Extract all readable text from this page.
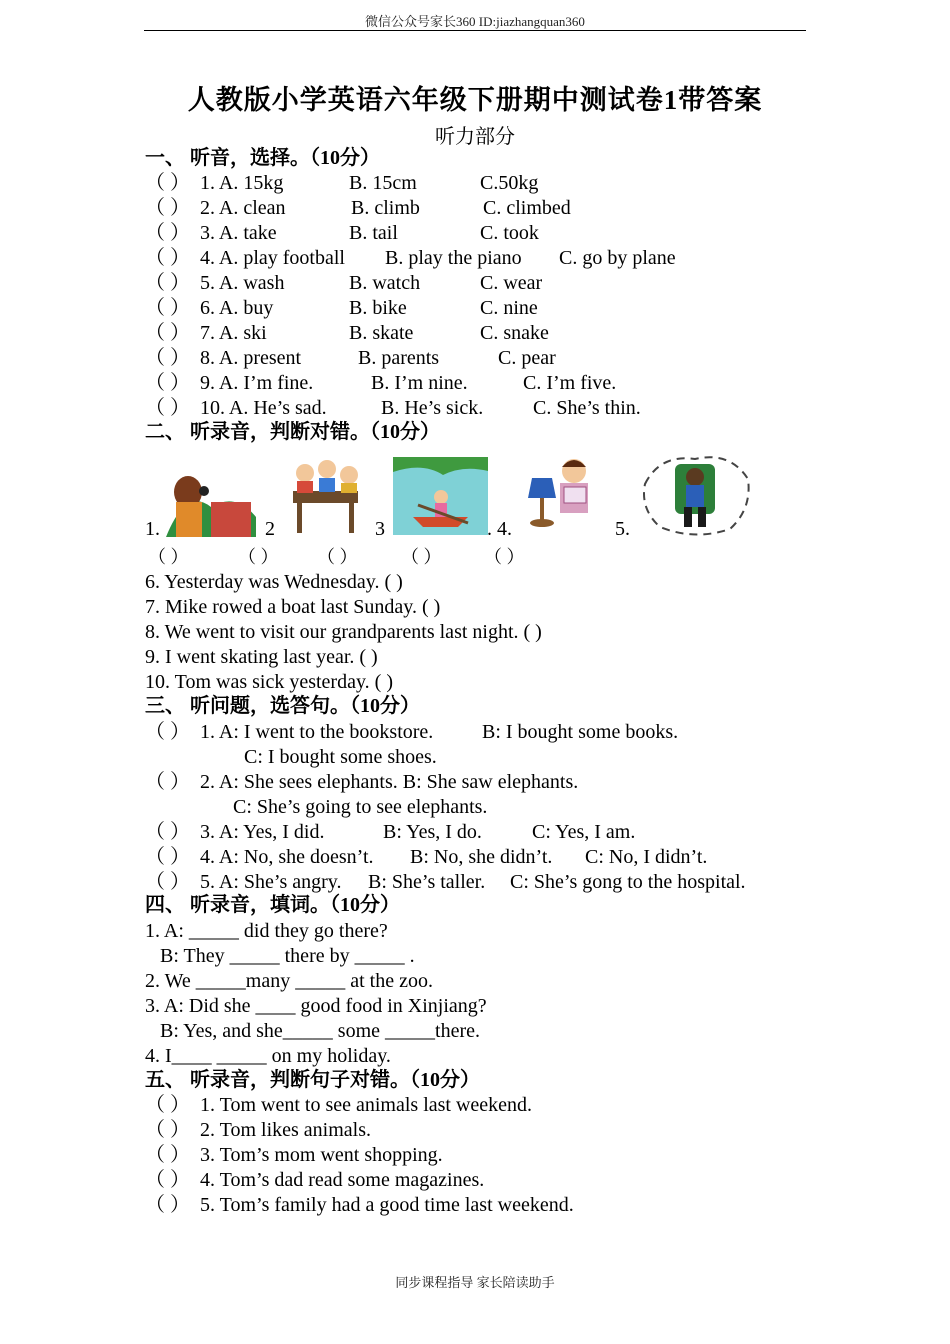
微信公众号家长360 ID:jiazhangquan360
人教版小学英语六年级下册期中测试卷1带答案
听力部分
一、 听音，选择。（10分）
（ ） 1. A. 15kg	B. 15cm	C.50kg
（ ） 2. A. clean	B. climb	C. climbed
（ ） 3. A. take	B. tail	C. took
（ ） 4. A. play football B. play the piano C. go by plane
（ ） 5. A. wash	B. watch	C. wear
（ ） 6. A. buy	B. bike	C. nine
（ ） 7. A. ski	B. skate	C. snake
（ ） 8. A. present	B. parents	C. pear
（ ） 9. A. I’m fine.	B. I’m nine.	C. I’m five.
（ ） 10. A. He’s sad.	B. He’s sick. C. She’s thin.
二、 听录音，判断对错。（10分）
1.	2	3	. 4.	5.
（ ）	（ ） （ ） （ ） （ ）
6. Yesterday was Wednesday. ( )
7. Mike rowed a boat last Sunday. ( )
8. We went to visit our grandparents last night. ( )
9. I went skating last year. ( )
10. Tom was sick yesterday. ( )
三、 听问题，选答句。（10分）
（ ） 1. A: I went to the bookstore. B: I bought some books.
C: I bought some shoes.
（ ） 2. A: She sees elephants. B: She saw elephants.
C: She’s going to see elephants.
（ ） 3. A: Yes, I did.	B: Yes, I do.	C: Yes, I am.
（ ） 4. A: No, she doesn’t. B: No, she didn’t. C: No, I didn’t.
（ ） 5. A: She’s angry. B: She’s taller. C: She’s gong to the hospital.
四、 听录音，填词。（10分）
1. A: _____ did they go there?
B: They _____ there by _____ .
2. We _____many _____ at the zoo.
3. A: Did she ____ good food in Xinjiang?
B: Yes, and she_____ some _____there.
4. I____ _____ on my holiday.
五、 听录音，判断句子对错。（10分）
（ ） 1. Tom went to see animals last weekend.
（ ） 2. Tom likes animals.
（ ） 3. Tom’s mom went shopping.
（ ） 4. Tom’s dad read some magazines.
（ ） 5. Tom’s family had a good time last weekend.
同步课程指导 家长陪读助手
